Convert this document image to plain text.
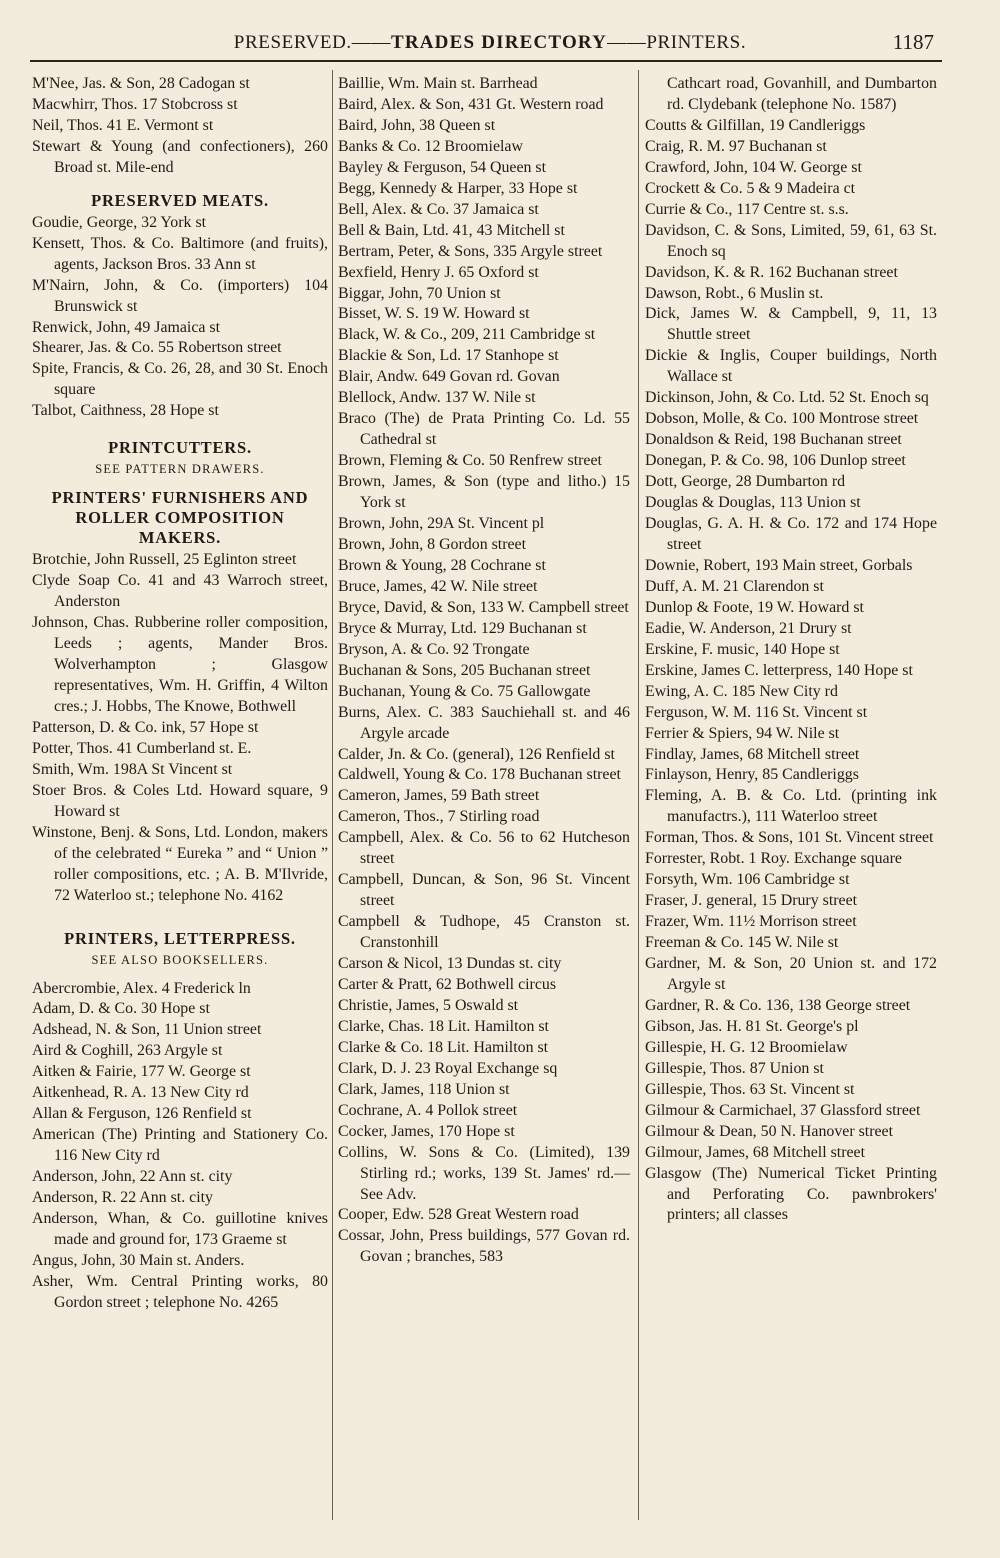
PRESERVED.——TRADES DIRECTORY——PRINTERS.	1187

M'Nee, Jas. & Son, 28 Cadogan st

Macwhirr, Thos. 17 Stobcross st

Neil, Thos. 41 E. Vermont st

Stewart & Young (and confectioners), 260 Broad st. Mile-end

PRESERVED MEATS.

Goudie, George, 32 York st

Kensett, Thos. & Co. Baltimore (and fruits), agents, Jackson Bros. 33 Ann st

M'Nairn, John, & Co. (importers) 104 Brunswick st

Renwick, John, 49 Jamaica st

Shearer, Jas. & Co. 55 Robertson street

Spite, Francis, & Co. 26, 28, and 30 St. Enoch square

Talbot, Caithness, 28 Hope st

PRINTCUTTERS.
SEE PATTERN DRAWERS.
PRINTERS' FURNISHERS AND ROLLER COMPOSITION MAKERS.

Brotchie, John Russell, 25 Eglinton street

Clyde Soap Co. 41 and 43 Warroch street, Anderston

Johnson, Chas. Rubberine roller composition, Leeds ; agents, Mander Bros. Wolverhampton ; Glasgow representatives, Wm. H. Griffin, 4 Wilton cres.; J. Hobbs, The Knowe, Bothwell

Patterson, D. & Co. ink, 57 Hope st

Potter, Thos. 41 Cumberland st. E.

Smith, Wm. 198A St Vincent st

Stoer Bros. & Coles Ltd. Howard square, 9 Howard st

Winstone, Benj. & Sons, Ltd. London, makers of the celebrated “ Eureka ” and “ Union ” roller compositions, etc. ; A. B. M'Ilvride, 72 Waterloo st.; telephone No. 4162

PRINTERS, LETTERPRESS.
SEE ALSO BOOKSELLERS.

Abercrombie, Alex. 4 Frederick ln

Adam, D. & Co. 30 Hope st

Adshead, N. & Son, 11 Union street

Aird & Coghill, 263 Argyle st

Aitken & Fairie, 177 W. George st

Aitkenhead, R. A. 13 New City rd

Allan & Ferguson, 126 Renfield st

American (The) Printing and Stationery Co. 116 New City rd

Anderson, John, 22 Ann st. city

Anderson, R. 22 Ann st. city

Anderson, Whan, & Co. guillotine knives made and ground for, 173 Graeme st

Angus, John, 30 Main st. Anders.

Asher, Wm. Central Printing works, 80 Gordon street ; telephone No. 4265

Baillie, Wm. Main st. Barrhead

Baird, Alex. & Son, 431 Gt. Western road

Baird, John, 38 Queen st

Banks & Co. 12 Broomielaw

Bayley & Ferguson, 54 Queen st

Begg, Kennedy & Harper, 33 Hope st

Bell, Alex. & Co. 37 Jamaica st

Bell & Bain, Ltd. 41, 43 Mitchell st

Bertram, Peter, & Sons, 335 Argyle street

Bexfield, Henry J. 65 Oxford st

Biggar, John, 70 Union st

Bisset, W. S. 19 W. Howard st

Black, W. & Co., 209, 211 Cambridge st

Blackie & Son, Ld. 17 Stanhope st

Blair, Andw. 649 Govan rd. Govan

Blellock, Andw. 137 W. Nile st

Braco (The) de Prata Printing Co. Ld. 55 Cathedral st

Brown, Fleming & Co. 50 Renfrew street

Brown, James, & Son (type and litho.) 15 York st

Brown, John, 29A St. Vincent pl

Brown, John, 8 Gordon street

Brown & Young, 28 Cochrane st

Bruce, James, 42 W. Nile street

Bryce, David, & Son, 133 W. Campbell street

Bryce & Murray, Ltd. 129 Buchanan st

Bryson, A. & Co. 92 Trongate

Buchanan & Sons, 205 Buchanan street

Buchanan, Young & Co. 75 Gallowgate

Burns, Alex. C. 383 Sauchiehall st. and 46 Argyle arcade

Calder, Jn. & Co. (general), 126 Renfield st

Caldwell, Young & Co. 178 Buchanan street

Cameron, James, 59 Bath street

Cameron, Thos., 7 Stirling road

Campbell, Alex. & Co. 56 to 62 Hutcheson street

Campbell, Duncan, & Son, 96 St. Vincent street

Campbell & Tudhope, 45 Cranston st. Cranstonhill

Carson & Nicol, 13 Dundas st. city

Carter & Pratt, 62 Bothwell circus

Christie, James, 5 Oswald st

Clarke, Chas. 18 Lit. Hamilton st

Clarke & Co. 18 Lit. Hamilton st

Clark, D. J. 23 Royal Exchange sq

Clark, James, 118 Union st

Cochrane, A. 4 Pollok street

Cocker, James, 170 Hope st

Collins, W. Sons & Co. (Limited), 139 Stirling rd.; works, 139 St. James' rd.—See Adv.

Cooper, Edw. 528 Great Western road

Cossar, John, Press buildings, 577 Govan rd. Govan ; branches, 583

Cathcart road, Govanhill, and Dumbarton rd. Clydebank (telephone No. 1587)

Coutts & Gilfillan, 19 Candleriggs

Craig, R. M. 97 Buchanan st

Crawford, John, 104 W. George st

Crockett & Co. 5 & 9 Madeira ct

Currie & Co., 117 Centre st. s.s.

Davidson, C. & Sons, Limited, 59, 61, 63 St. Enoch sq

Davidson, K. & R. 162 Buchanan street

Dawson, Robt., 6 Muslin st.

Dick, James W. & Campbell, 9, 11, 13 Shuttle street

Dickie & Inglis, Couper buildings, North Wallace st

Dickinson, John, & Co. Ltd. 52 St. Enoch sq

Dobson, Molle, & Co. 100 Montrose street

Donaldson & Reid, 198 Buchanan street

Donegan, P. & Co. 98, 106 Dunlop street

Dott, George, 28 Dumbarton rd

Douglas & Douglas, 113 Union st

Douglas, G. A. H. & Co. 172 and 174 Hope street

Downie, Robert, 193 Main street, Gorbals

Duff, A. M. 21 Clarendon st

Dunlop & Foote, 19 W. Howard st

Eadie, W. Anderson, 21 Drury st

Erskine, F. music, 140 Hope st

Erskine, James C. letterpress, 140 Hope st

Ewing, A. C. 185 New City rd

Ferguson, W. M. 116 St. Vincent st

Ferrier & Spiers, 94 W. Nile st

Findlay, James, 68 Mitchell street

Finlayson, Henry, 85 Candleriggs

Fleming, A. B. & Co. Ltd. (printing ink manufactrs.), 111 Waterloo street

Forman, Thos. & Sons, 101 St. Vincent street

Forrester, Robt. 1 Roy. Exchange square

Forsyth, Wm. 106 Cambridge st

Fraser, J. general, 15 Drury street

Frazer, Wm. 11½ Morrison street

Freeman & Co. 145 W. Nile st

Gardner, M. & Son, 20 Union st. and 172 Argyle st

Gardner, R. & Co. 136, 138 George street

Gibson, Jas. H. 81 St. George's pl

Gillespie, H. G. 12 Broomielaw

Gillespie, Thos. 87 Union st

Gillespie, Thos. 63 St. Vincent st

Gilmour & Carmichael, 37 Glassford street

Gilmour & Dean, 50 N. Hanover street

Gilmour, James, 68 Mitchell street

Glasgow (The) Numerical Ticket Printing and Perforating Co. pawnbrokers' printers; all classes
